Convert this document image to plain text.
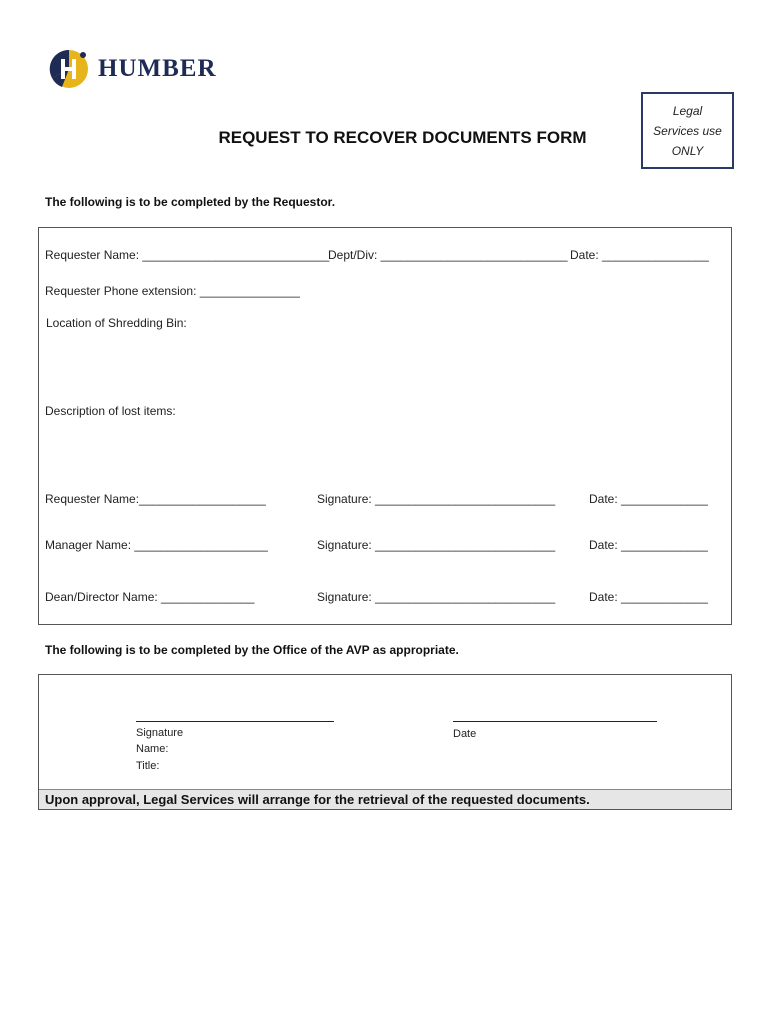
HUMBER
Legal
Services use
ONLY
REQUEST TO RECOVER DOCUMENTS FORM
The following is to be completed by the Requestor.
Requester Name: ____________________________
Dept/Div: ____________________________ Date: ________________
Requester Phone extension: _______________
Location of Shredding Bin:
Description of lost items:
Requester Name:___________________	Signature: ___________________________	Date: _____________
Manager Name: ____________________	Signature: ___________________________	Date: _____________
Dean/Director Name: ______________	Signature: ___________________________	Date: _____________
The following is to be completed by the Office of the AVP as appropriate.
Signature
Name:
Title:
Date
Upon approval, Legal Services will arrange for the retrieval of the requested documents.
